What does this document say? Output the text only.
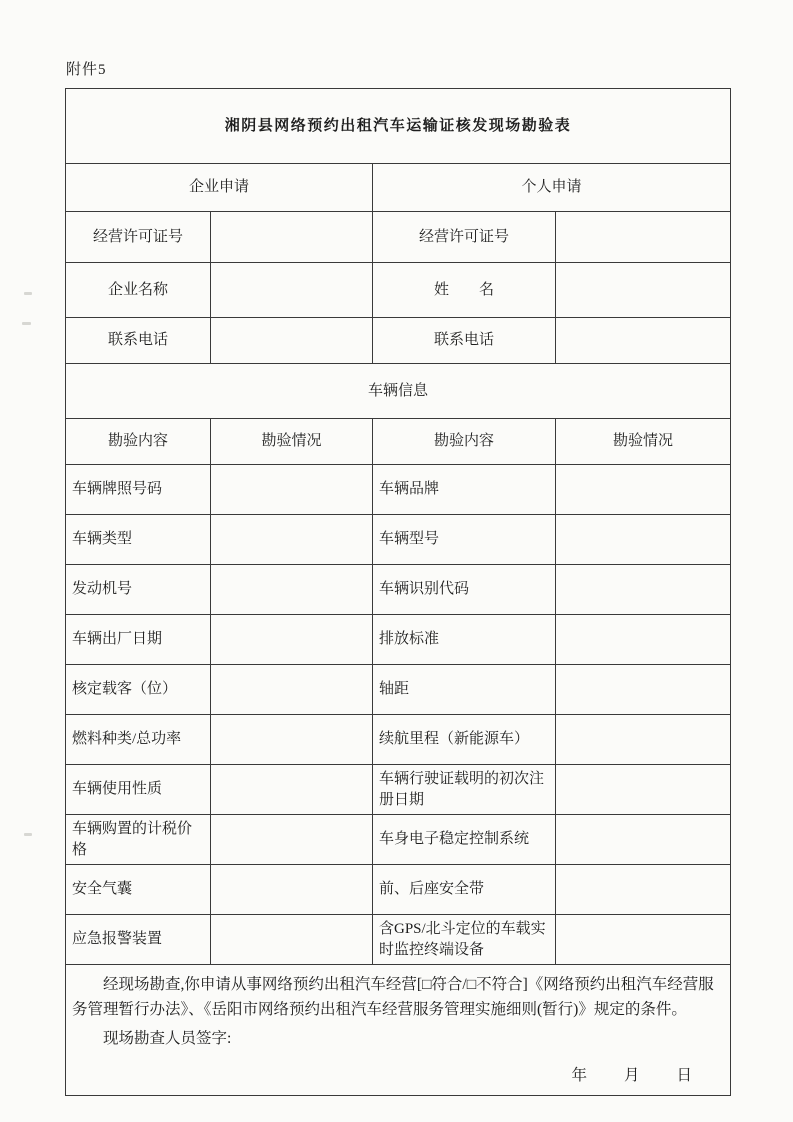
附件5
湘阴县网络预约出租汽车运输证核发现场勘验表			
企业申请		个人申请	
经营许可证号		经营许可证号	
企业名称		姓　　名	
联系电话		联系电话	
车辆信息			
勘验内容	勘验情况	勘验内容	勘验情况
车辆牌照号码		车辆品牌	
车辆类型		车辆型号	
发动机号		车辆识别代码	
车辆出厂日期		排放标准	
核定载客（位）		轴距	
燃料种类/总功率		续航里程（新能源车）	
车辆使用性质		车辆行驶证载明的初次注册日期	
车辆购置的计税价格		车身电子稳定控制系统	
安全气囊		前、后座安全带	
应急报警装置		含GPS/北斗定位的车载实时监控终端设备	

经现场勘查,你申请从事网络预约出租汽车经营[□符合/□不符合]《网络预约出租汽车经营服务管理暂行办法》、《岳阳市网络预约出租汽车经营服务管理实施细则(暂行)》规定的条件。

现场勘查人员签字:

年　　月　　日			
